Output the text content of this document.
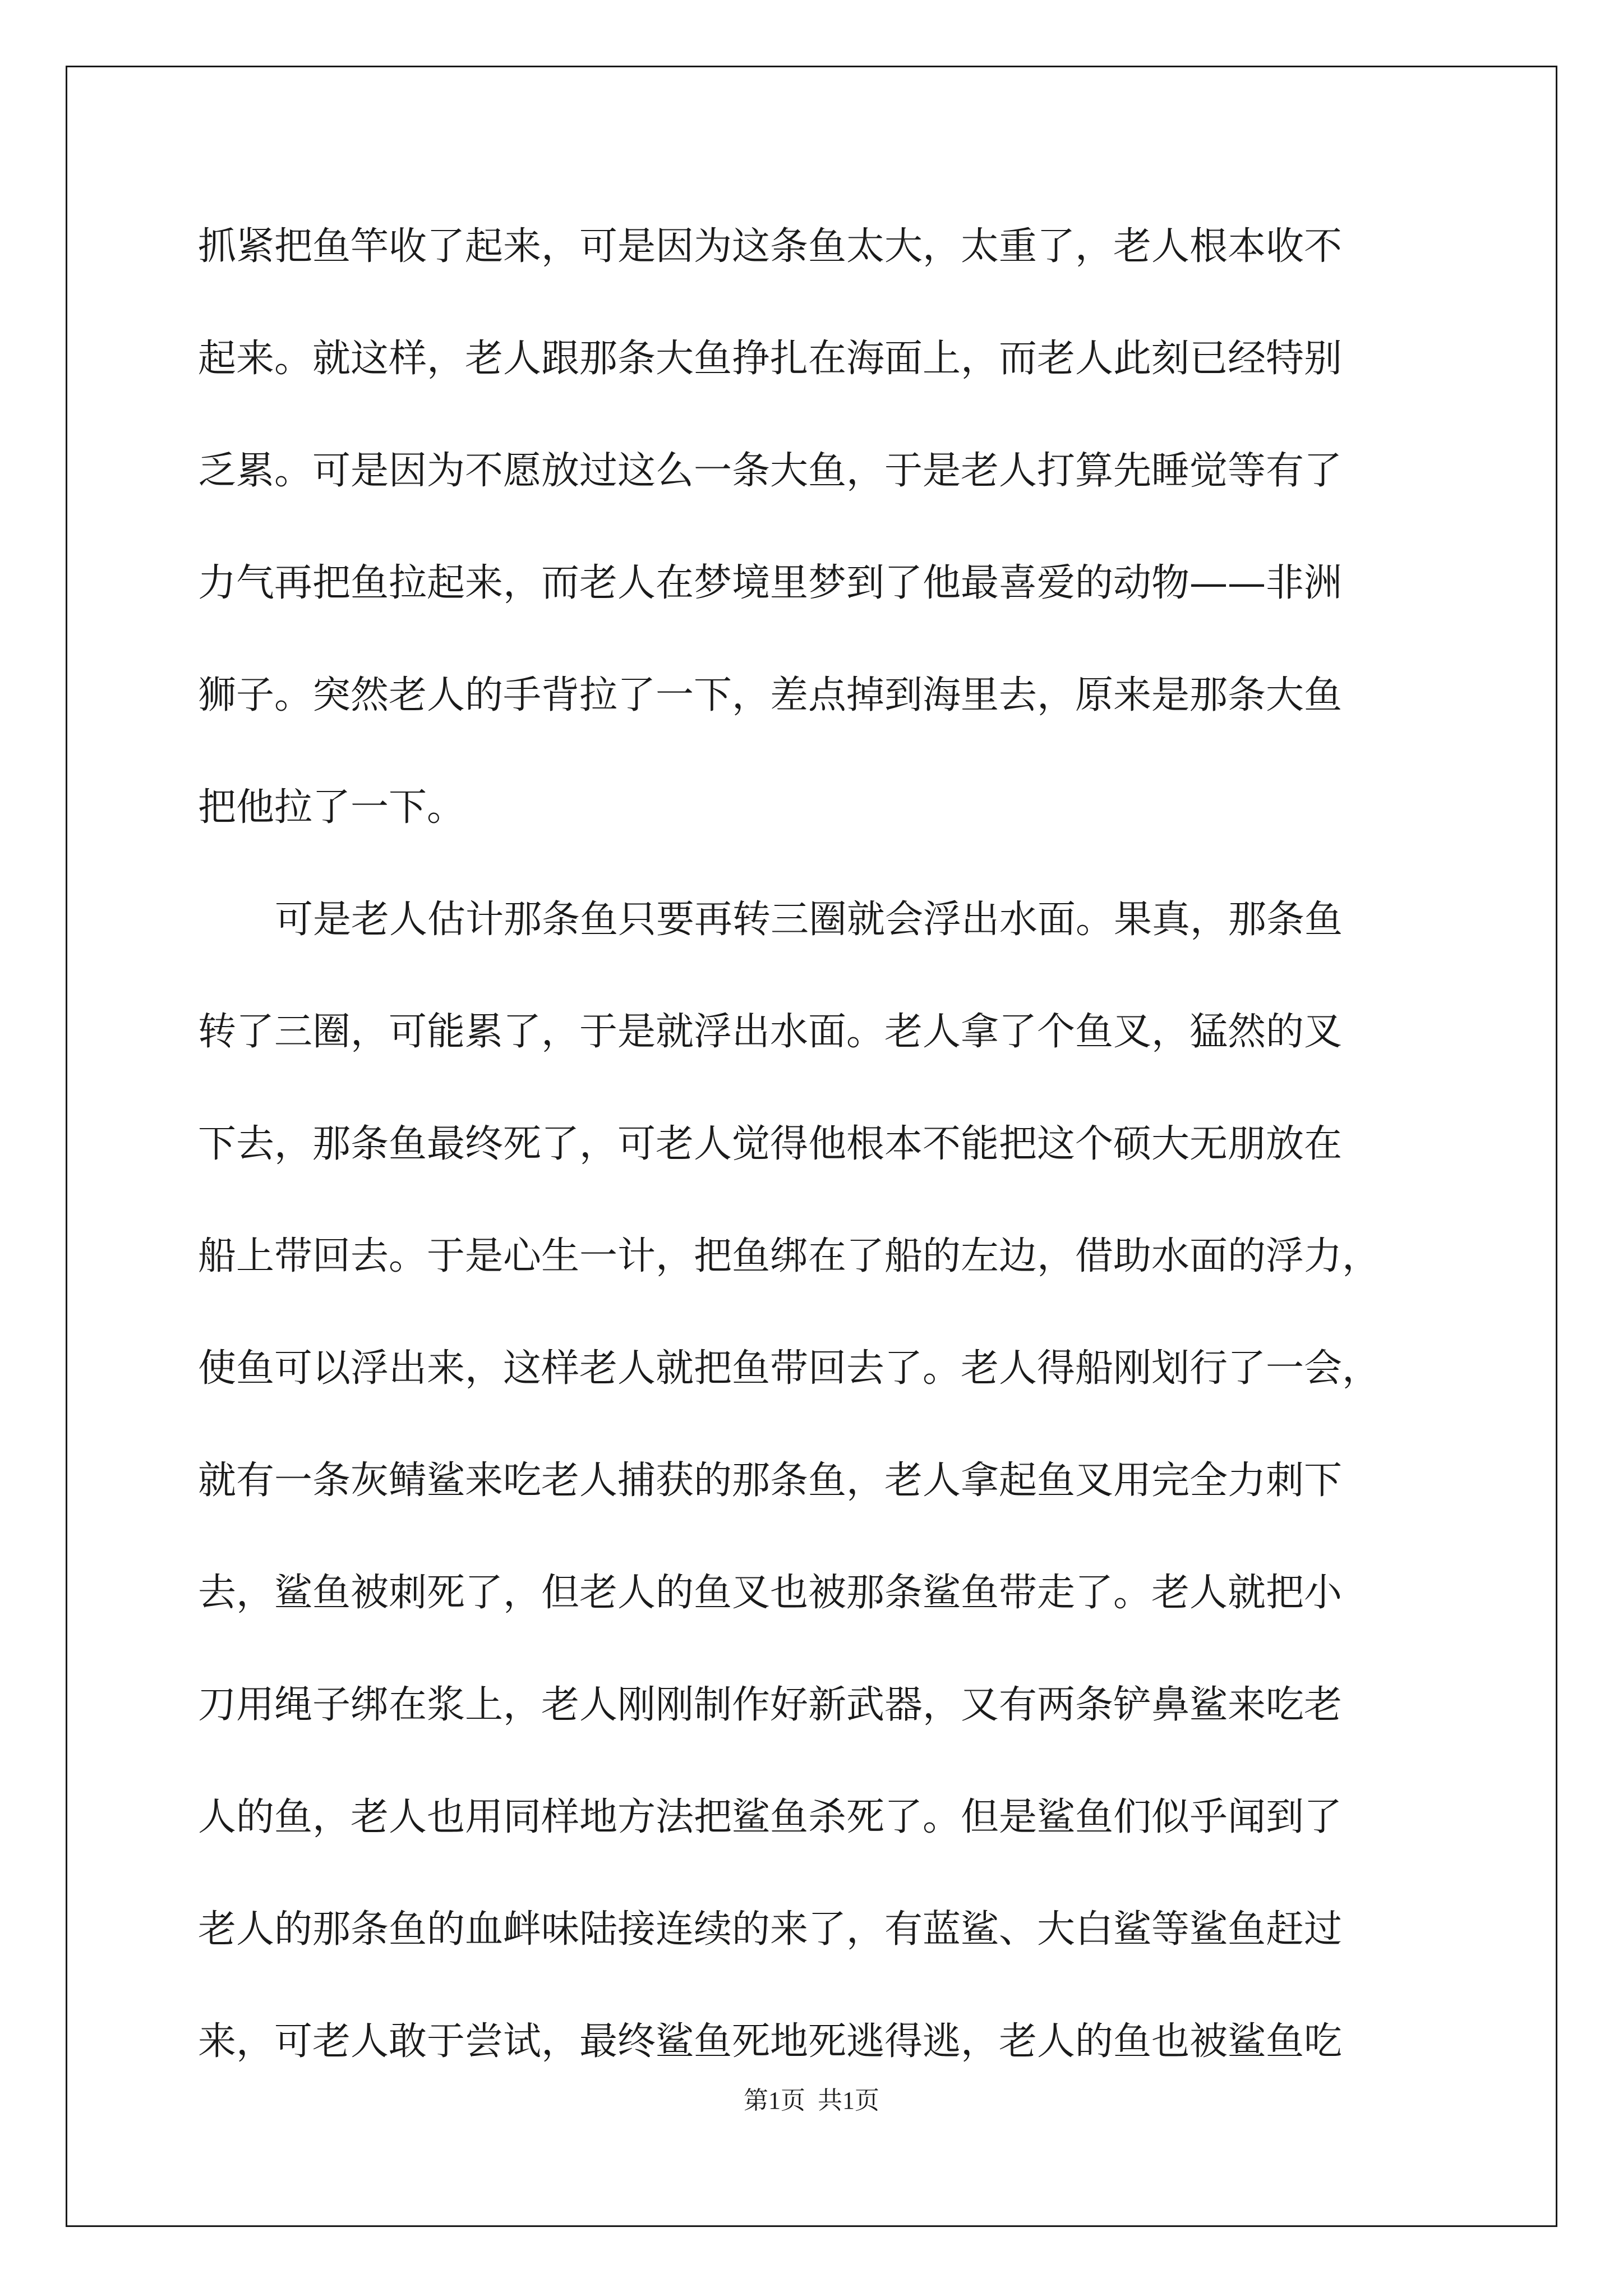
抓紧把鱼竿收了起来，可是因为这条鱼太大，太重了，老人根本收不
起来。就这样，老人跟那条大鱼挣扎在海面上，而老人此刻已经特别
乏累。可是因为不愿放过这么一条大鱼，于是老人打算先睡觉等有了
力气再把鱼拉起来，而老人在梦境里梦到了他最喜爱的动物——非洲
狮子。突然老人的手背拉了一下，差点掉到海里去，原来是那条大鱼
把他拉了一下。
可是老人估计那条鱼只要再转三圈就会浮出水面。果真，那条鱼
转了三圈，可能累了，于是就浮出水面。老人拿了个鱼叉，猛然的叉
下去，那条鱼最终死了，可老人觉得他根本不能把这个硕大无朋放在
船上带回去。于是心生一计，把鱼绑在了船的左边，借助水面的浮力，
使鱼可以浮出来，这样老人就把鱼带回去了。老人得船刚划行了一会，
就有一条灰鲭鲨来吃老人捕获的那条鱼，老人拿起鱼叉用完全力刺下
去，鲨鱼被刺死了，但老人的鱼叉也被那条鲨鱼带走了。老人就把小
刀用绳子绑在浆上，老人刚刚制作好新武器，又有两条铲鼻鲨来吃老
人的鱼，老人也用同样地方法把鲨鱼杀死了。但是鲨鱼们似乎闻到了
老人的那条鱼的血衅味陆接连续的来了，有蓝鲨、大白鲨等鲨鱼赶过
来，可老人敢于尝试，最终鲨鱼死地死逃得逃，老人的鱼也被鲨鱼吃
第1页  共1页
